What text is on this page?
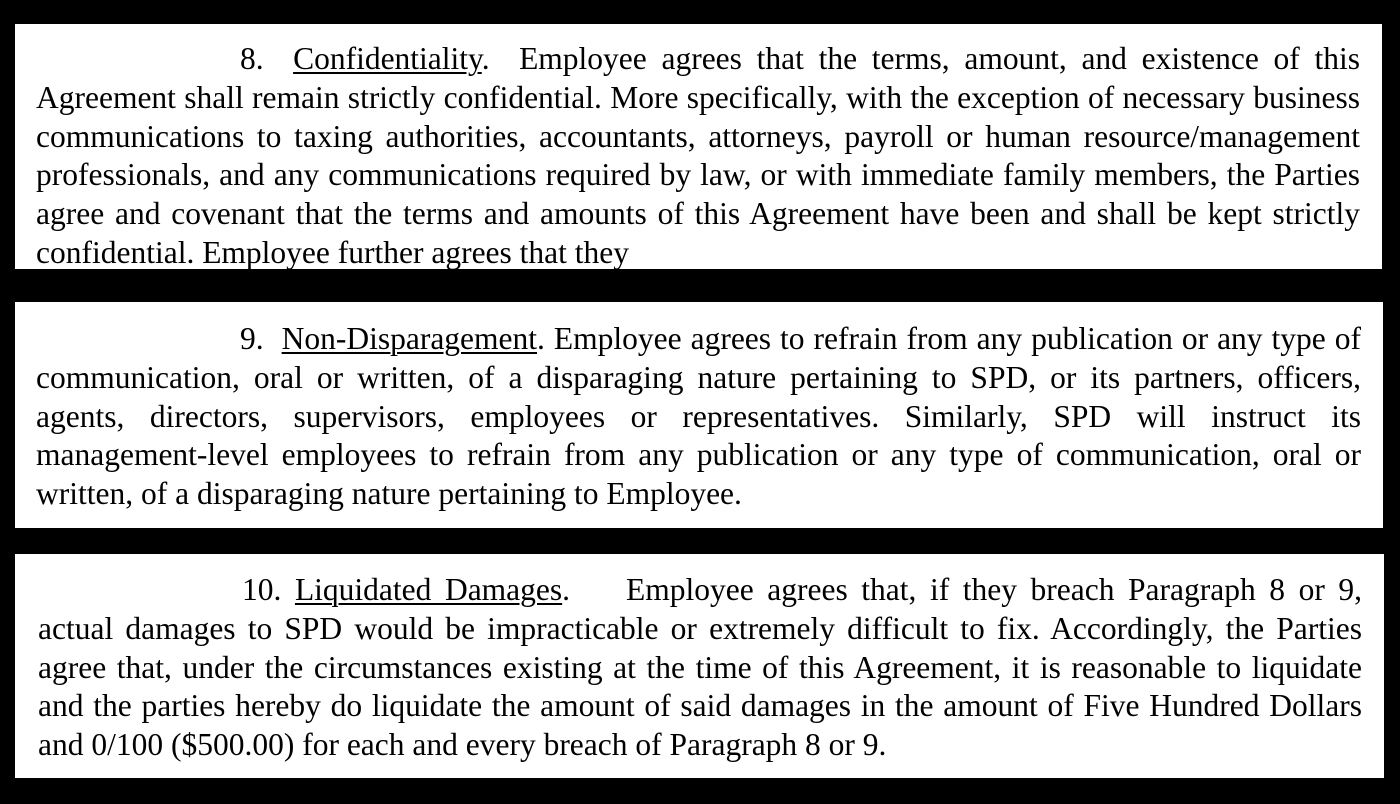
8. Confidentiality. Employee agrees that the terms, amount, and existence of this Agreement shall remain strictly confidential. More specifically, with the exception of necessary business communications to taxing authorities, accountants, attorneys, payroll or human resource/management professionals, and any communications required by law, or with immediate family members, the Parties agree and covenant that the terms and amounts of this Agreement have been and shall be kept strictly confidential. Employee further agrees that they

9. Non-Disparagement. Employee agrees to refrain from any publication or any type of communication, oral or written, of a disparaging nature pertaining to SPD, or its partners, officers, agents, directors, supervisors, employees or representatives. Similarly, SPD will instruct its management-level employees to refrain from any publication or any type of communication, oral or written, of a disparaging nature pertaining to Employee.

10. Liquidated Damages. Employee agrees that, if they breach Paragraph 8 or 9, actual damages to SPD would be impracticable or extremely difficult to fix. Accordingly, the Parties agree that, under the circumstances existing at the time of this Agreement, it is reasonable to liquidate and the parties hereby do liquidate the amount of said damages in the amount of Five Hundred Dollars and 0/100 ($500.00) for each and every breach of Paragraph 8 or 9.
